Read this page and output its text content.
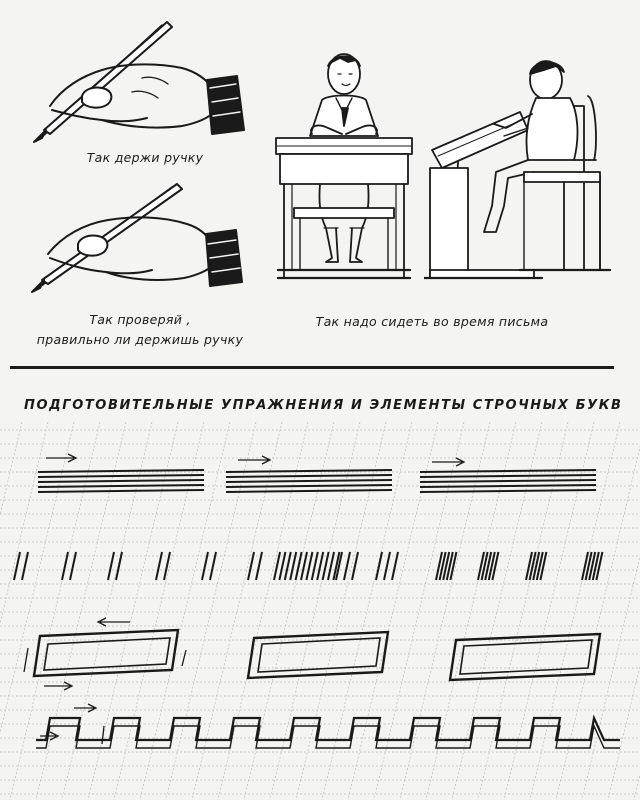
Так держи ручку
Так проверяй ,
правильно ли держишь ручку
Так надо сидеть во время письма
ПОДГОТОВИТЕЛЬНЫЕ УПРАЖНЕНИЯ И ЭЛЕМЕНТЫ СТРОЧНЫХ БУКВ
